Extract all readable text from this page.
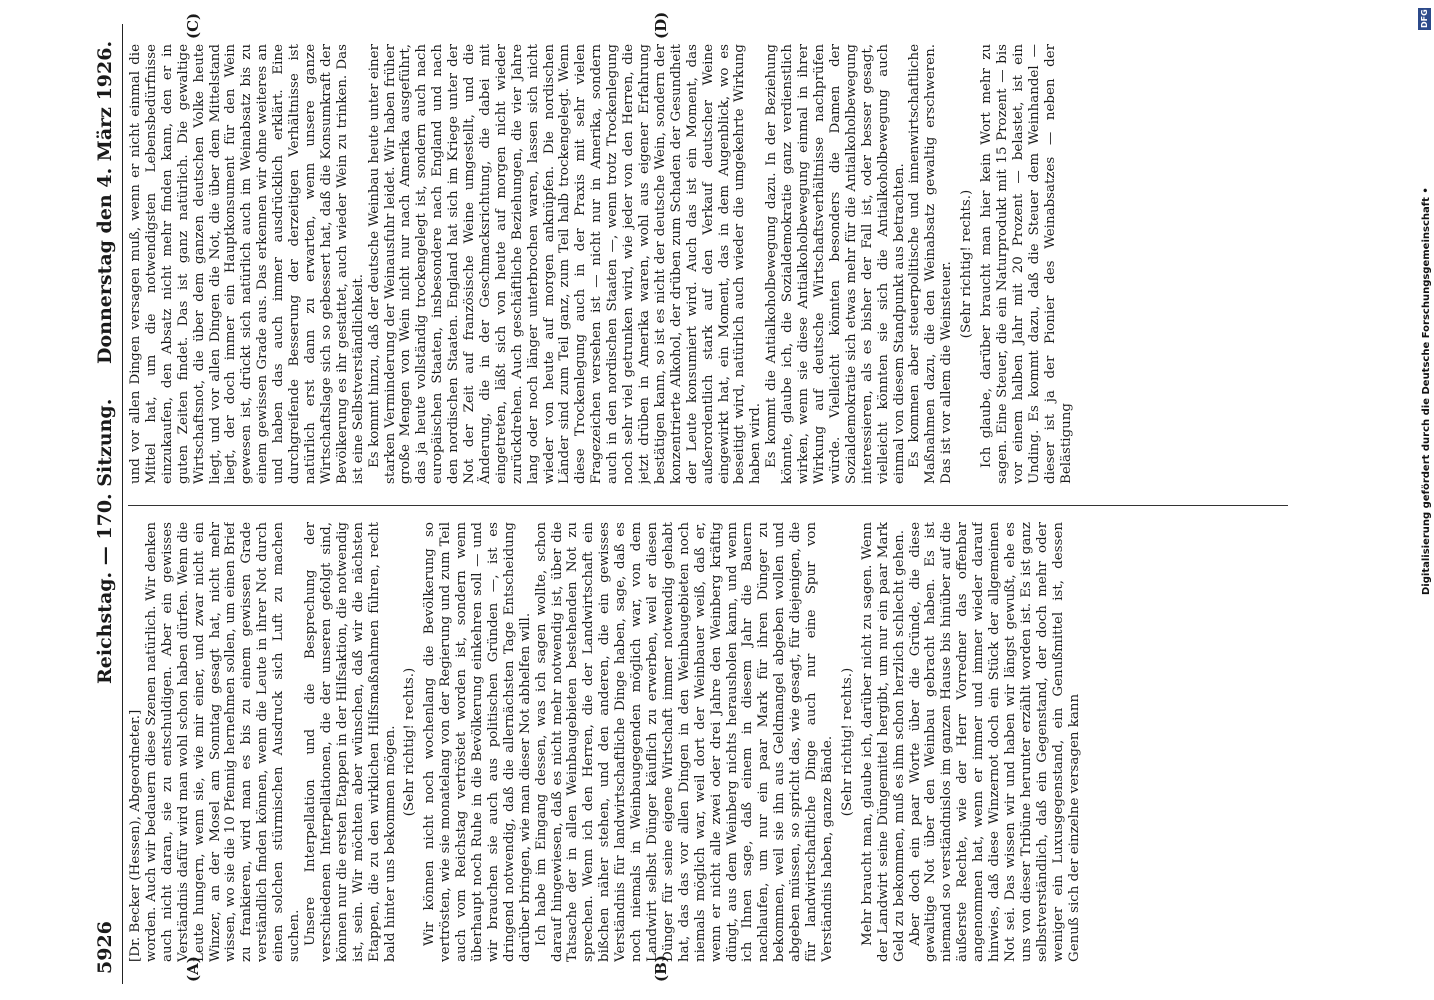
5926
Reichstag. — 170. Sitzung.
Donnerstag den 4. März 1926.
(A)	(B)
(C)	(D)

[Dr. Becker (Hessen), Abgeordneter.] worden. Auch wir bedauern diese Szenen natürlich. Wir denken auch nicht daran, sie zu entschuldigen. Aber ein gewisses Verständnis dafür wird man wohl schon haben dürfen. Wenn die Leute hungern, wenn sie, wie mir einer, und zwar nicht ein Winzer, an der Mosel am Sonntag gesagt hat, nicht mehr wissen, wo sie die 10 Pfennig hernehmen sollen, um einen Brief zu frankieren, wird man es bis zu einem gewissen Grade verständlich finden können, wenn die Leute in ihrer Not durch einen solchen stürmischen Ausdruck sich Luft zu machen suchen. Unsere Interpellation und die Besprechung der verschiedenen Interpellationen, die der unseren gefolgt sind, können nur die ersten Etappen in der Hilfsaktion, die notwendig ist, sein. Wir möchten aber wünschen, daß wir die nächsten Etappen, die zu den wirklichen Hilfsmaßnahmen führen, recht bald hinter uns bekommen mögen. (Sehr richtig! rechts.) Wir können nicht noch wochenlang die Bevölkerung so vertrösten, wie sie monatelang von der Regierung und zum Teil auch vom Reichstag vertröstet worden ist, sondern wenn überhaupt noch Ruhe in die Bevölkerung einkehren soll — und wir brauchen sie auch aus politischen Gründen —, ist es dringend notwendig, daß die allernächsten Tage Entscheidung darüber bringen, wie man dieser Not abhelfen will. Ich habe im Eingang dessen, was ich sagen wollte, schon darauf hingewiesen, daß es nicht mehr notwendig ist, über die Tatsache der in allen Weinbaugebieten bestehenden Not zu sprechen. Wenn ich den Herren, die der Landwirtschaft ein bißchen näher stehen, und den anderen, die ein gewisses Verständnis für landwirtschaftliche Dinge haben, sage, daß es noch niemals in Weinbaugegenden möglich war, von dem Landwirt selbst Dünger käuflich zu erwerben, weil er diesen Dünger für seine eigene Wirtschaft immer notwendig gehabt hat, das das vor allen Dingen in den Weinbaugebieten noch niemals möglich war, weil dort der Weinbauer weiß, daß er, wenn er nicht alle zwei oder drei Jahre den Weinberg kräftig düngt, aus dem Weinberg nichts herausholen kann, und wenn ich Ihnen sage, daß einem in diesem Jahr die Bauern nachlaufen, um nur ein paar Mark für ihren Dünger zu bekommen, weil sie ihn aus Geldmangel abgeben wollen und abgeben müssen, so spricht das, wie gesagt, für diejenigen, die für landwirtschaftliche Dinge auch nur eine Spur von Verständnis haben, ganze Bände. (Sehr richtig! rechts.) Mehr braucht man, glaube ich, darüber nicht zu sagen. Wenn der Landwirt seine Düngemittel hergibt, um nur ein paar Mark Geld zu bekommen, muß es ihm schon herzlich schlecht gehen. Aber doch ein paar Worte über die Gründe, die diese gewaltige Not über den Weinbau gebracht haben. Es ist niemand so verständnislos im ganzen Hause bis hinüber auf die äußerste Rechte, wie der Herr Vorredner das offenbar angenommen hat, wenn er immer und immer wieder darauf hinwies, daß diese Winzernot doch ein Stück der allgemeinen Not sei. Das wissen wir und haben wir längst gewußt, ehe es uns von dieser Tribüne herunter erzählt worden ist. Es ist ganz selbstverständlich, daß ein Gegenstand, der doch mehr oder weniger ein Luxusgegenstand, ein Genußmittel ist, dessen Genuß sich der einzelne versagen kann

und vor allen Dingen versagen muß, wenn er nicht einmal die Mittel hat, um die notwendigsten Lebensbedürfnisse einzukaufen, den Absatz nicht mehr finden kann, den er in guten Zeiten findet. Das ist ganz natürlich. Die gewaltige Wirtschaftsnot, die über dem ganzen deutschen Volke heute liegt, und vor allen Dingen die Not, die über dem Mittelstand liegt, der doch immer ein Hauptkonsument für den Wein gewesen ist, drückt sich natürlich auch im Weinabsatz bis zu einem gewissen Grade aus. Das erkennen wir ohne weiteres an und haben das auch immer ausdrücklich erklärt. Eine durchgreifende Besserung der derzeitigen Verhältnisse ist natürlich erst dann zu erwarten, wenn unsere ganze Wirtschaftslage sich so gebessert hat, daß die Konsumkraft der Bevölkerung es ihr gestattet, auch wieder Wein zu trinken. Das ist eine Selbstverständlichkeit. Es kommt hinzu, daß der deutsche Weinbau heute unter einer starken Verminderung der Weinausfuhr leidet. Wir haben früher große Mengen von Wein nicht nur nach Amerika ausgeführt, das ja heute vollständig trockengelegt ist, sondern auch nach europäischen Staaten, insbesondere nach England und nach den nordischen Staaten. England hat sich im Kriege unter der Not der Zeit auf französische Weine umgestellt, und die Änderung, die in der Geschmacksrichtung, die dabei mit eingetreten, läßt sich von heute auf morgen nicht wieder zurückdrehen. Auch geschäftliche Beziehungen, die vier Jahre lang oder noch länger unterbrochen waren, lassen sich nicht wieder von heute auf morgen anknüpfen. Die nordischen Länder sind zum Teil ganz, zum Teil halb trockengelegt. Wenn diese Trockenlegung auch in der Praxis mit sehr vielen Fragezeichen versehen ist — nicht nur in Amerika, sondern auch in den nordischen Staaten —, wenn trotz Trockenlegung noch sehr viel getrunken wird, wie jeder von den Herren, die jetzt drüben in Amerika waren, wohl aus eigener Erfahrung bestätigen kann, so ist es nicht der deutsche Wein, sondern der konzentrierte Alkohol, der drüben zum Schaden der Gesundheit der Leute konsumiert wird. Auch das ist ein Moment, das außerordentlich stark auf den Verkauf deutscher Weine eingewirkt hat, ein Moment, das in dem Augenblick, wo es beseitigt wird, natürlich auch wieder die umgekehrte Wirkung haben wird. Es kommt die Antialkoholbewegung dazu. In der Beziehung könnte, glaube ich, die Sozialdemokratie ganz verdienstlich wirken, wenn sie diese Antialkoholbewegung einmal in ihrer Wirkung auf deutsche Wirtschaftsverhältnisse nachprüfen würde. Vielleicht könnten besonders die Damen der Sozialdemokratie sich etwas mehr für die Antialkoholbewegung interessieren, als es bisher der Fall ist, oder besser gesagt, vielleicht könnten sie sich die Antialkoholbewegung auch einmal von diesem Standpunkt aus betrachten. Es kommen aber steuerpolitische und innenwirtschaftliche Maßnahmen dazu, die den Weinabsatz gewaltig erschweren. Das ist vor allem die Weinsteuer. (Sehr richtig! rechts.) Ich glaube, darüber braucht man hier kein Wort mehr zu sagen. Eine Steuer, die ein Naturprodukt mit 15 Prozent — bis vor einem halben Jahr mit 20 Prozent — belastet, ist ein Unding. Es kommt dazu, daß die Steuer dem Weinhandel — dieser ist ja der Pionier des Weinabsatzes — neben der Belästigung

DFG
Digitalisierung gefördert durch die Deutsche Forschungsgemeinschaft •
